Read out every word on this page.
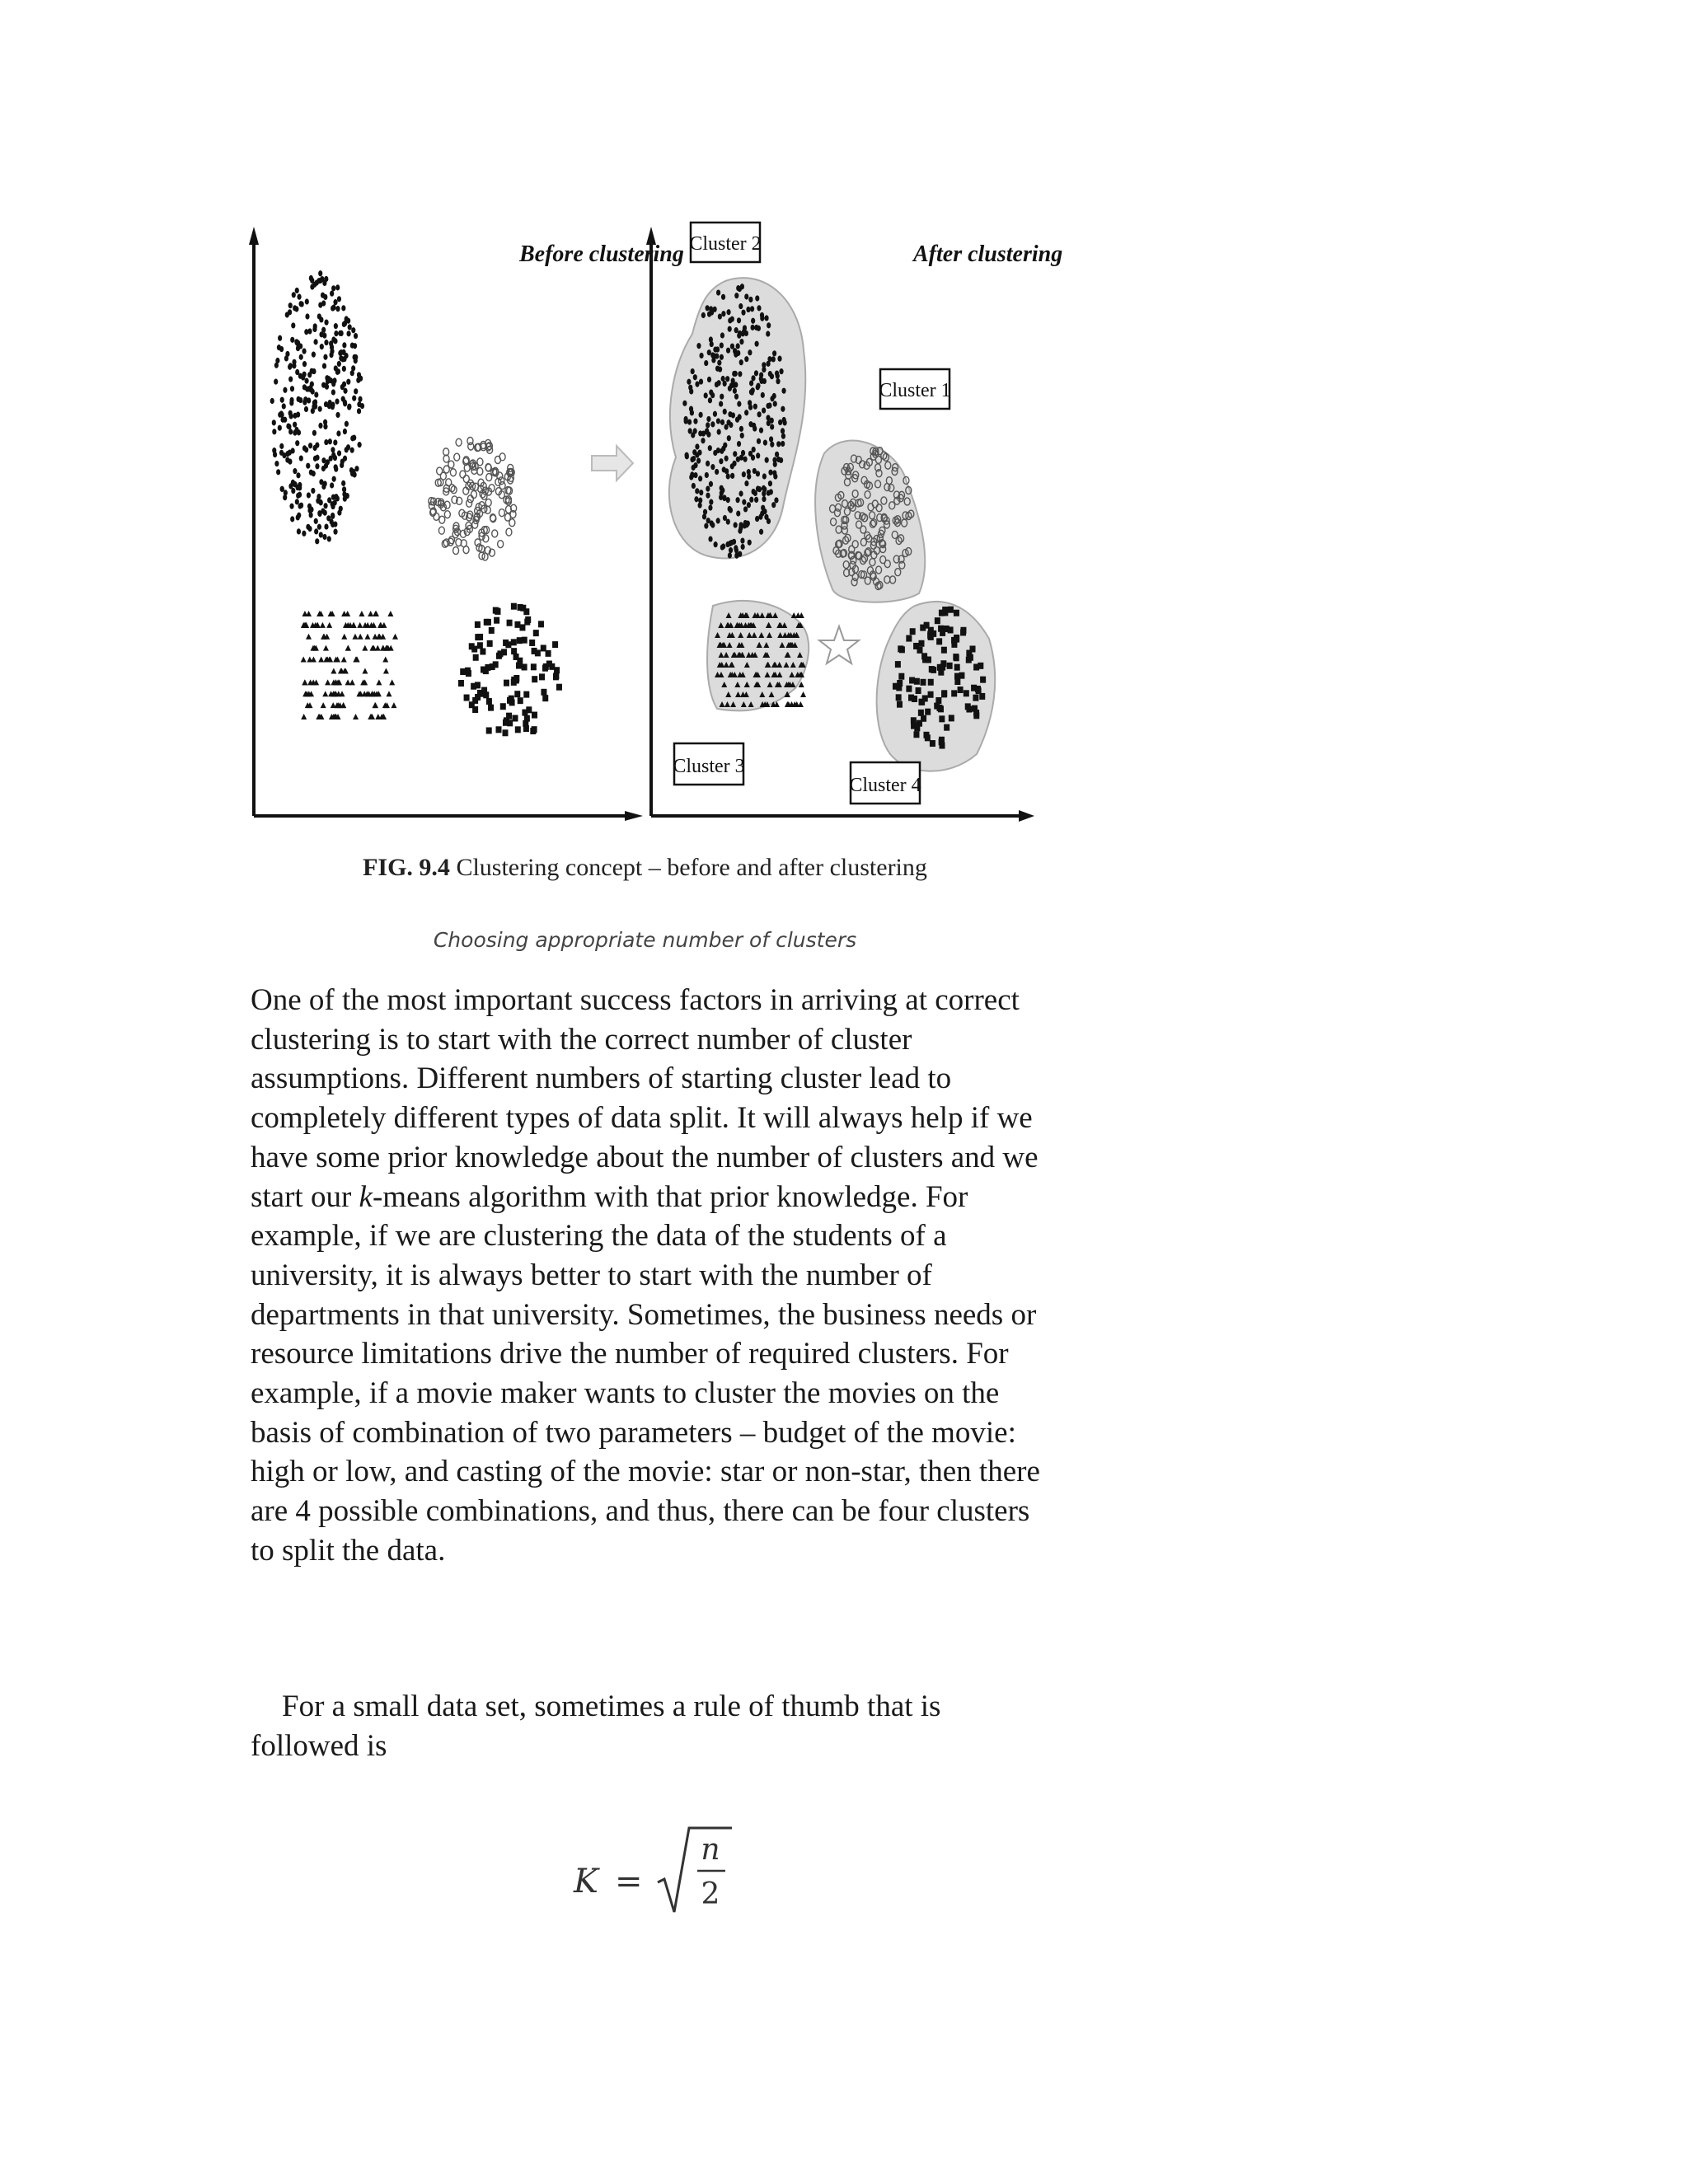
Before clustering	After clustering
Cluster 1
Cluster 2
Cluster 3
Cluster 4
FIG. 9.4 Clustering concept – before and after clustering
Choosing appropriate number of clusters

One of the most important success factors in arriving at correct clustering is to start with the correct number of cluster assumptions. Different numbers of starting cluster lead to completely different types of data split. It will always help if we have some prior knowledge about the number of clusters and we start our k-means algorithm with that prior knowledge. For example, if we are clustering the data of the students of a university, it is always better to start with the number of departments in that university. Sometimes, the business needs or resource limitations drive the number of required clusters. For example, if a movie maker wants to cluster the movies on the basis of combination of two parameters – budget of the movie: high or low, and casting of the movie: star or non-star, then there are 4 possible combinations, and thus, there can be four clusters to split the data.

For a small data set, sometimes a rule of thumb that is followed is

K =
n
2
